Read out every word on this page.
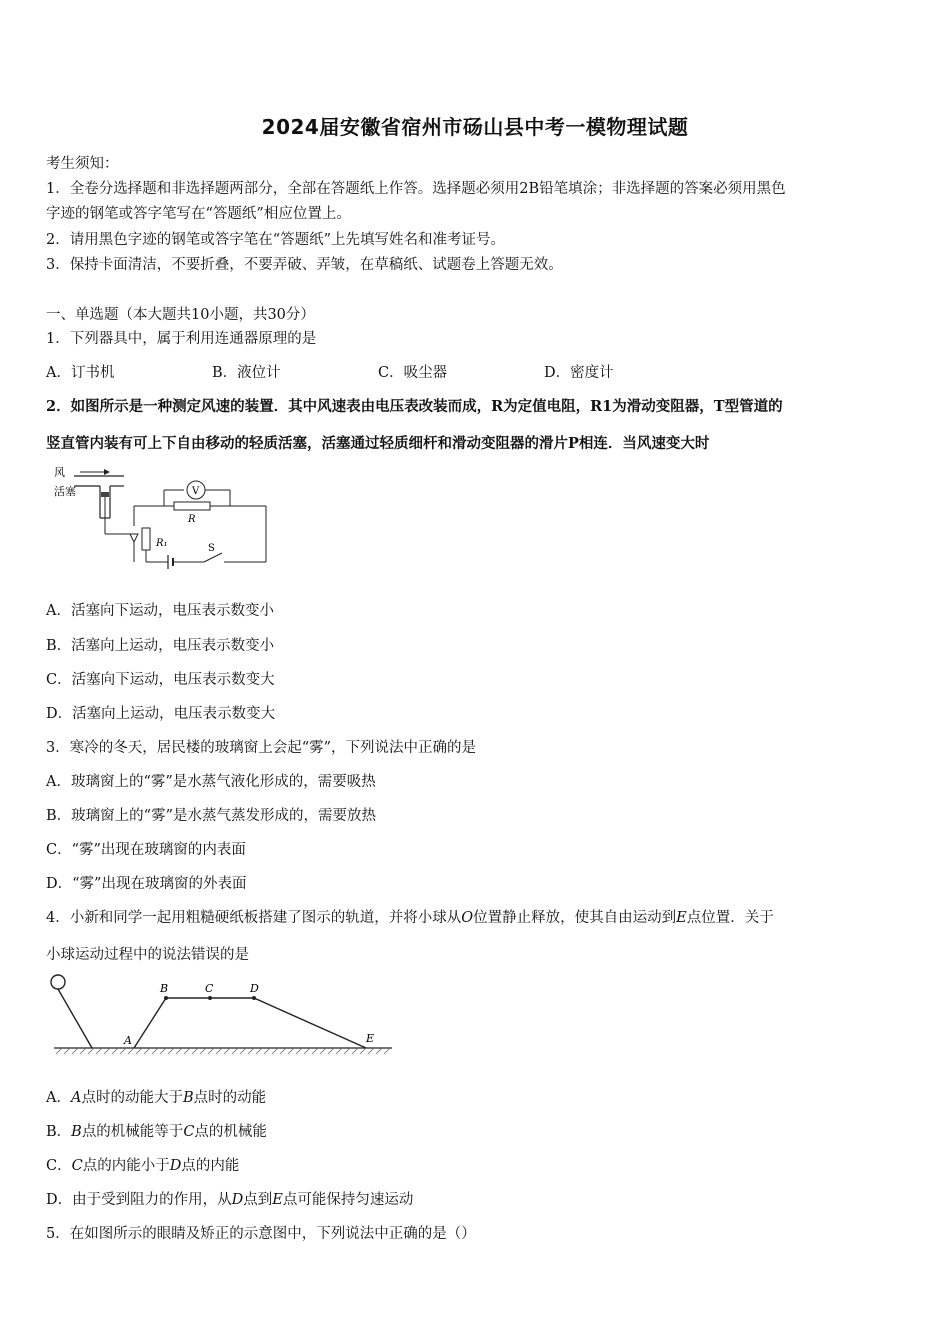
2024届安徽省宿州市砀山县中考一模物理试题
考生须知：
1．全卷分选择题和非选择题两部分，全部在答题纸上作答。选择题必须用2B铅笔填涂；非选择题的答案必须用黑色
字迹的钢笔或答字笔写在“答题纸”相应位置上。
2．请用黑色字迹的钢笔或答字笔在“答题纸”上先填写姓名和准考证号。
3．保持卡面清洁，不要折叠，不要弄破、弄皱，在草稿纸、试题卷上答题无效。
一、单选题（本大题共10小题，共30分）
1．下列器具中，属于利用连通器原理的是
A．订书机	B．液位计	C．吸尘器	D．密度计
2．如图所示是一种测定风速的装置．其中风速表由电压表改装而成，R为定值电阻，R1为滑动变阻器，T型管道的
竖直管内装有可上下自由移动的轻质活塞，活塞通过轻质细杆和滑动变阻器的滑片P相连．当风速变大时
风
活塞	V
R
R₁	S
A．活塞向下运动，电压表示数变小
B．活塞向上运动，电压表示数变小
C．活塞向下运动，电压表示数变大
D．活塞向上运动，电压表示数变大
3．寒冷的冬天，居民楼的玻璃窗上会起“雾”，下列说法中正确的是
A．玻璃窗上的“雾”是水蒸气液化形成的，需要吸热
B．玻璃窗上的“雾”是水蒸气蒸发形成的，需要放热
C．“雾”出现在玻璃窗的内表面
D．“雾”出现在玻璃窗的外表面
4．小新和同学一起用粗糙硬纸板搭建了图示的轨道，并将小球从O位置静止释放，使其自由运动到E点位置．关于
小球运动过程中的说法错误的是
A
B	C	D
E
A．A点时的动能大于B点时的动能
B．B点的机械能等于C点的机械能
C．C点的内能小于D点的内能
D．由于受到阻力的作用，从D点到E点可能保持匀速运动
5．在如图所示的眼睛及矫正的示意图中，下列说法中正确的是（）
